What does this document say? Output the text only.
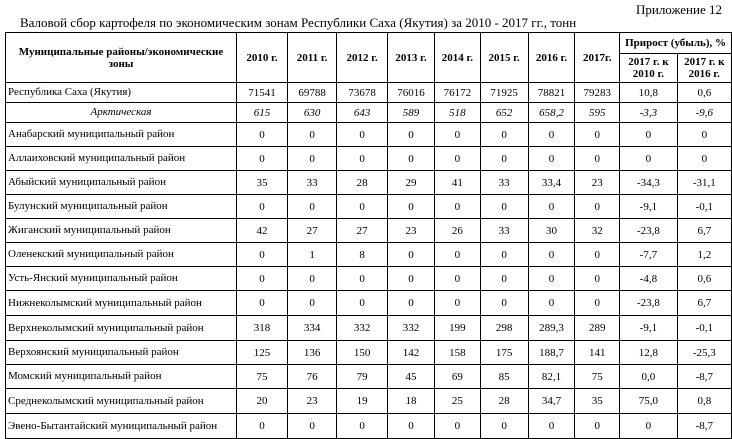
Приложение 12
Валовой сбор картофеля по экономическим зонам Республики Саха (Якутия) за 2010 - 2017 гг., тонн
Муниципальные районы/экономические зоны	2010 г.	2011 г.	2012 г.	2013 г.	2014 г.	2015 г.	2016 г.	2017г.	Прирост (убыль), %	
									2017 г. к 2010 г.	2017 г. к 2016 г.
Республика Саха (Якутия)	71541	69788	73678	76016	76172	71925	78821	79283	10,8	0,6
Арктическая	615	630	643	589	518	652	658,2	595	-3,3	-9,6
Анабарский муниципальный район	0	0	0	0	0	0	0	0	0	0
Аллаиховский муниципальный район	0	0	0	0	0	0	0	0	0	0
Абыйский муниципальный район	35	33	28	29	41	33	33,4	23	-34,3	-31,1
Булунский муниципальный район	0	0	0	0	0	0	0	0	-9,1	-0,1
Жиганский муниципальный район	42	27	27	23	26	33	30	32	-23,8	6,7
Оленекский муниципальный район	0	1	8	0	0	0	0	0	-7,7	1,2
Усть-Янский муниципальный район	0	0	0	0	0	0	0	0	-4,8	0,6
Нижнеколымский муниципальный район	0	0	0	0	0	0	0	0	-23,8	6,7
Верхнеколымский муниципальный район	318	334	332	332	199	298	289,3	289	-9,1	-0,1
Верхоянский муниципальный район	125	136	150	142	158	175	188,7	141	12,8	-25,3
Момский муниципальный район	75	76	79	45	69	85	82,1	75	0,0	-8,7
Среднеколымский муниципальный район	20	23	19	18	25	28	34,7	35	75,0	0,8
Эвено-Бытантайский муниципальный район	0	0	0	0	0	0	0	0	0	-8,7
